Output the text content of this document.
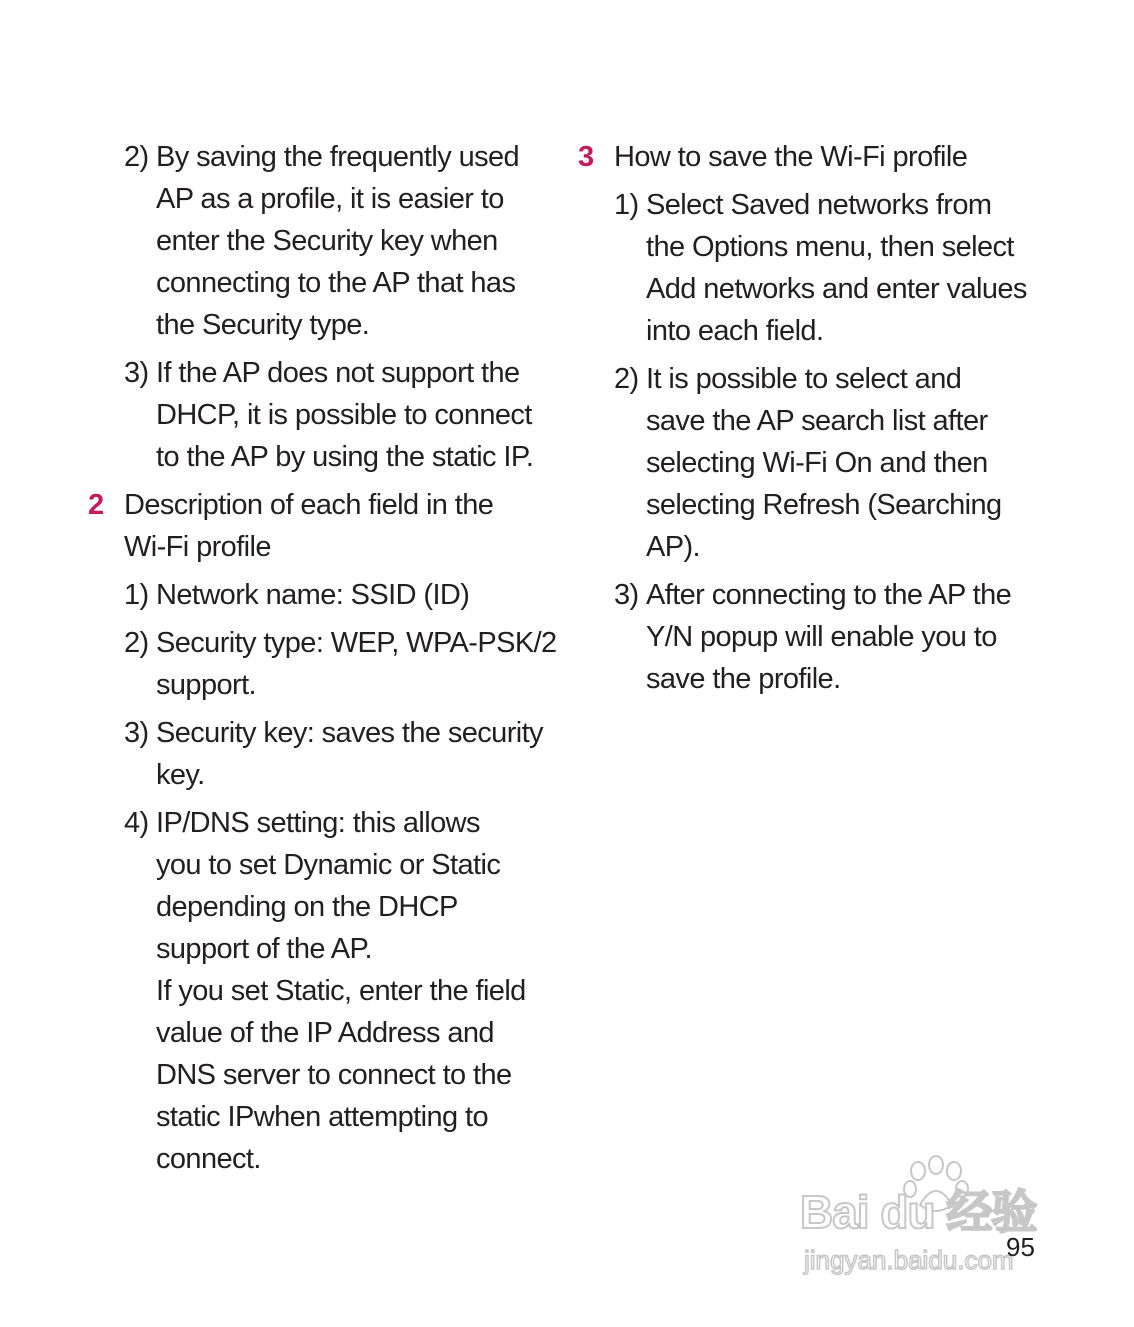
2) By saving the frequently used
AP as a profile, it is easier to
enter the Security key when
connecting to the AP that has
the Security type.
3) If the AP does not support the
DHCP, it is possible to connect
to the AP by using the static IP.
2 Description of each field in the
Wi-Fi profile
1) Network name: SSID (ID)
2) Security type: WEP, WPA-PSK/2
support.
3) Security key: saves the security
key.
4) IP/DNS setting: this allows
you to set Dynamic or Static
depending on the DHCP
support of the AP.
If you set Static, enter the field
value of the IP Address and
DNS server to connect to the
static IPwhen attempting to
connect.
3 How to save the Wi-Fi profile
1) Select Saved networks from
the Options menu, then select
Add networks and enter values
into each field.
2) It is possible to select and
save the AP search list after
selecting Wi-Fi On and then
selecting Refresh (Searching
AP).
3) After connecting to the AP the
Y/N popup will enable you to
save the profile.
Bai du 经验
jingyan.baidu.com
95
